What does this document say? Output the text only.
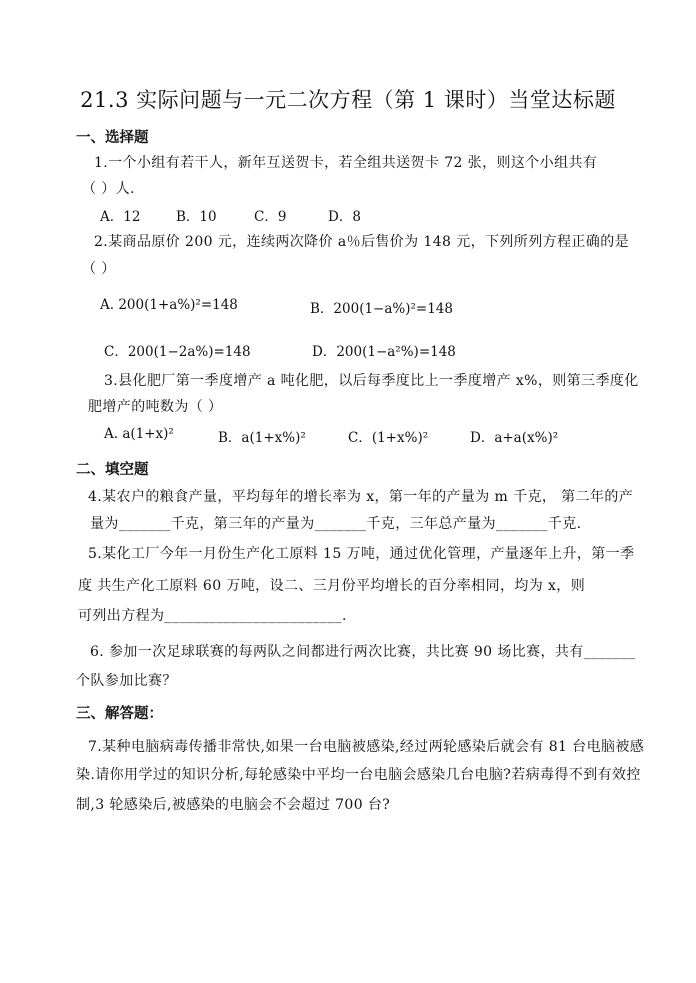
21.3 实际问题与一元二次方程（第 1 课时）当堂达标题
一、选择题
1.一个小组有若干人，新年互送贺卡，若全组共送贺卡 72 张，则这个小组共有
（ ）人.
A．12	B．10	C．9	D．8
2.某商品原价 200 元，连续两次降价 a％后售价为 148 元，下列所列方程正确的是
（ ）
A. 200(1+a%)²=148	B．200(1−a%)²=148
C．200(1−2a%)=148	D．200(1−a²%)=148
3.县化肥厂第一季度增产 a 吨化肥，以后每季度比上一季度增产 x%，则第三季度化
肥增产的吨数为（ ）
A. a(1+x)²	B．a(1+x%)²	C．(1+x%)²	D．a+a(x%)²
二、填空题
4.某农户的粮食产量，平均每年的增长率为 x，第一年的产量为 m 千克， 第二年的产
量为_______千克，第三年的产量为_______千克，三年总产量为_______千克.
5.某化工厂今年一月份生产化工原料 15 万吨，通过优化管理，产量逐年上升，第一季
度 共生产化工原料 60 万吨，设二、三月份平均增长的百分率相同，均为 x，则
可列出方程为________________________.
6. 参加一次足球联赛的每两队之间都进行两次比赛，共比赛 90 场比赛，共有_______
个队参加比赛？
三、解答题：
7.某种电脑病毒传播非常快,如果一台电脑被感染,经过两轮感染后就会有 81 台电脑被感
染.请你用学过的知识分析,每轮感染中平均一台电脑会感染几台电脑?若病毒得不到有效控
制,3 轮感染后,被感染的电脑会不会超过 700 台?
